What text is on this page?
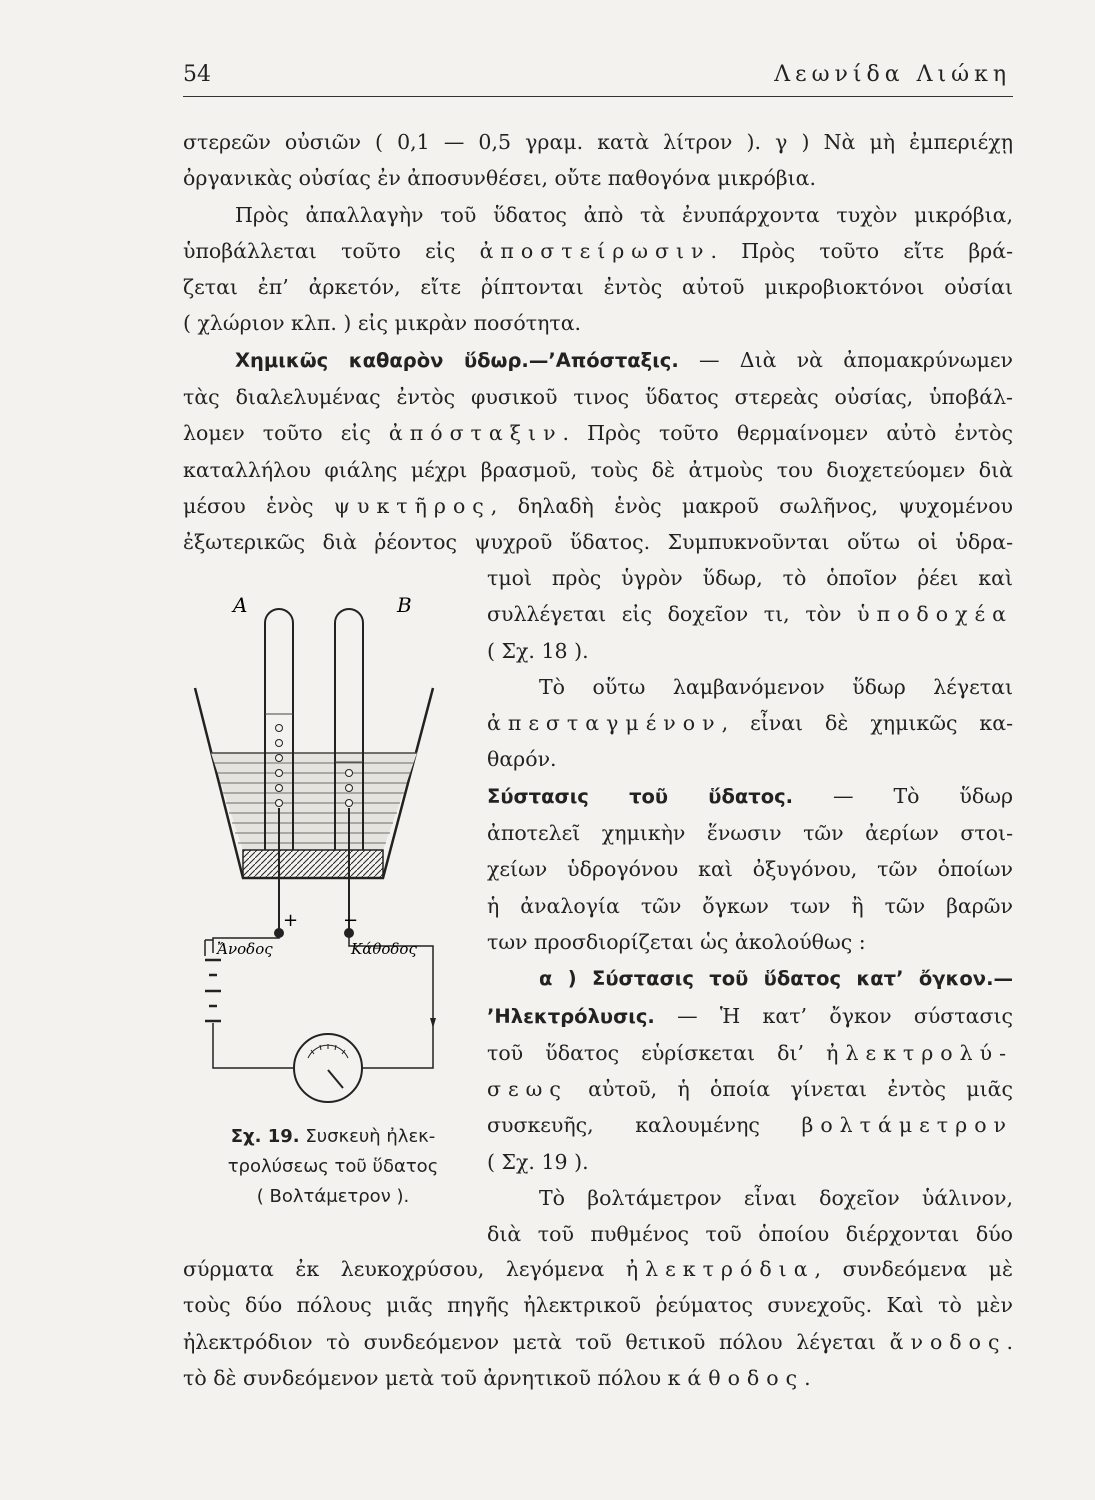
54	Λεωνίδα Λιώκη
στερεῶν οὐσιῶν ( 0,1 — 0,5 γραμ. κατὰ λίτρον ). γ ) Νὰ μὴ ἐμπεριέχῃ
ὀργανικὰς οὐσίας ἐν ἀποσυνθέσει, οὔτε παθογόνα μικρόβια.
Πρὸς ἀπαλλαγὴν τοῦ ὕδατος ἀπὸ τὰ ἐνυπάρχοντα τυχὸν μικρόβια,
ὑποβάλλεται τοῦτο εἰς ἀποστείρωσιν. Πρὸς τοῦτο εἴτε βρά-
ζεται ἐπ’ ἀρκετόν, εἴτε ῥίπτονται ἐντὸς αὐτοῦ μικροβιοκτόνοι οὐσίαι
( χλώριον κλπ. ) εἰς μικρὰν ποσότητα.
Χημικῶς καθαρὸν ὕδωρ.—’Απόσταξις. — Διὰ νὰ ἀπομακρύνωμεν
τὰς διαλελυμένας ἐντὸς φυσικοῦ τινος ὕδατος στερεὰς οὐσίας, ὑποβάλ-
λομεν τοῦτο εἰς ἀπόσταξιν. Πρὸς τοῦτο θερμαίνομεν αὐτὸ ἐντὸς
καταλλήλου φιάλης μέχρι βρασμοῦ, τοὺς δὲ ἀτμοὺς του διοχετεύομεν διὰ
μέσου ἑνὸς ψυκτῆρος, δηλαδὴ ἑνὸς μακροῦ σωλῆνος, ψυχομένου
ἐξωτερικῶς διὰ ῥέοντος ψυχροῦ ὕδατος. Συμπυκνοῦνται οὕτω οἱ ὑδρα-
τμοὶ πρὸς ὑγρὸν ὕδωρ, τὸ ὁποῖον ῥέει καὶ
συλλέγεται εἰς δοχεῖον τι, τὸν ὑποδοχέα
( Σχ. 18 ).
Τὸ οὕτω λαμβανόμενον ὕδωρ λέγεται
ἀπεσταγμένον, εἶναι δὲ χημικῶς κα-
θαρόν.
Σύστασις τοῦ ὕδατος. — Τὸ ὕδωρ
ἀποτελεῖ χημικὴν ἕνωσιν τῶν ἀερίων στοι-
χείων ὑδρογόνου καὶ ὀξυγόνου, τῶν ὁποίων
ἡ ἀναλογία τῶν ὄγκων των ἢ τῶν βαρῶν
των προσδιορίζεται ὡς ἀκολούθως :
α ) Σύστασις τοῦ ὕδατος κατ’ ὄγκον.—
’Ηλεκτρόλυσις. — Ἡ κατ’ ὄγκον σύστασις
τοῦ ὕδατος εὑρίσκεται δι’ ἠλεκτρολύ-
σεως αὐτοῦ, ἡ ὁποία γίνεται ἐντὸς μιᾶς
συσκευῆς, καλουμένης βολτάμετρον
( Σχ. 19 ).
Τὸ βολτάμετρον εἶναι δοχεῖον ὑάλινον,
διὰ τοῦ πυθμένος τοῦ ὁποίου διέρχονται δύο
σύρματα ἐκ λευκοχρύσου, λεγόμενα ἠλεκτρόδια, συνδεόμενα μὲ
τοὺς δύο πόλους μιᾶς πηγῆς ἠλεκτρικοῦ ῥεύματος συνεχοῦς. Καὶ τὸ μὲν
ἠλεκτρόδιον τὸ συνδεόμενον μετὰ τοῦ θετικοῦ πόλου λέγεται ἄνοδος.
τὸ δὲ συνδεόμενον μετὰ τοῦ ἀρνητικοῦ πόλου κάθοδος.
A	B
+ −
Ἄνοδος	Κάθοδος
Σχ. 19. Συσκευὴ ἠλεκ-
τρολύσεως τοῦ ὕδατος
( Βολτάμετρον ).
